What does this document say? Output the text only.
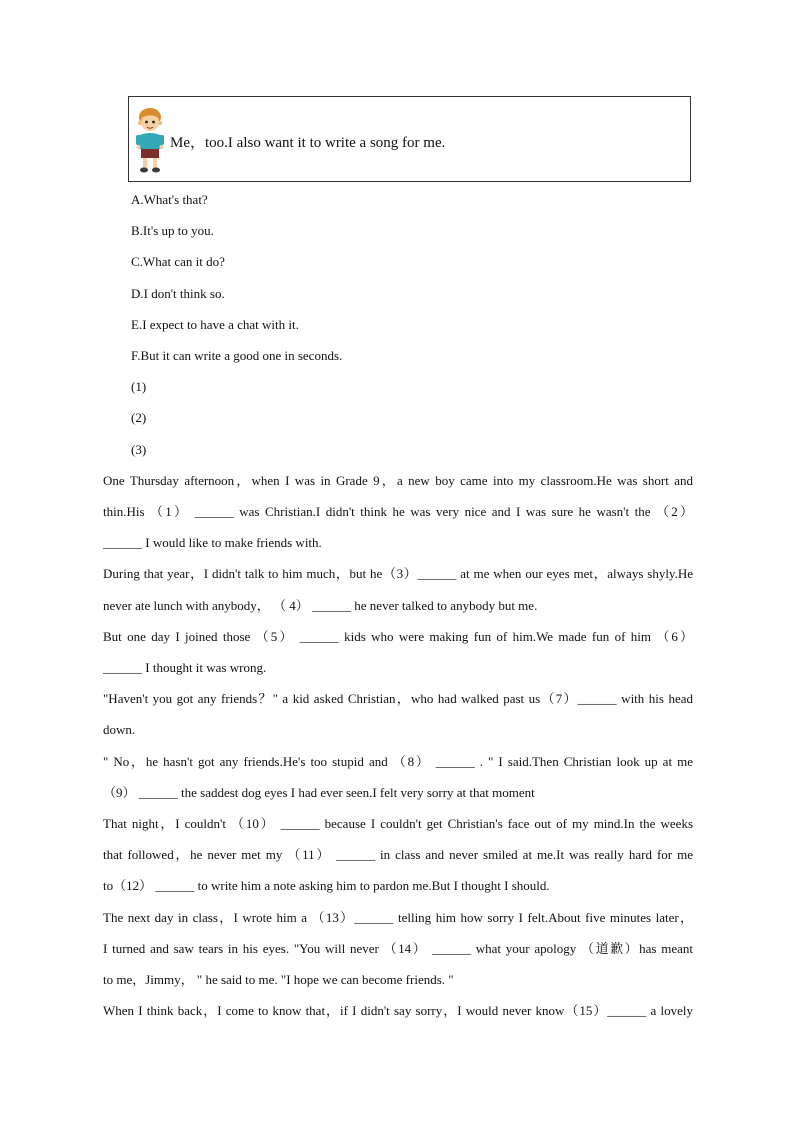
Me，too.I also want it to write a song for me.
A.What's that?
B.It's up to you.
C.What can it do?
D.I don't think so.
E.I expect to have a chat with it.
F.But it can write a good one in seconds.
(1)
(2)
(3)
One Thursday afternoon，when I was in Grade 9，a new boy came into my classroom.He was short and
thin.His （1） ______ was Christian.I didn't think he was very nice and I was sure he wasn't the （2）
______ I would like to make friends with.
During that year，I didn't talk to him much，but he（3）______ at me when our eyes met，always shyly.He
never ate lunch with anybody， （ 4） ______ he never talked to anybody but me.
But one day I joined those （5） ______ kids who were making fun of him.We made fun of him （6）
______ I thought it was wrong.
"Haven't you got any friends？" a kid asked Christian，who had walked past us（7）______ with his head
down.
" No，he hasn't got any friends.He's too stupid and （8） ______ . " I said.Then Christian look up at me
（9） ______ the saddest dog eyes I had ever seen.I felt very sorry at that moment
That night，I couldn't （10） ______ because I couldn't get Christian's face out of my mind.In the weeks
that followed，he never met my （11） ______ in class and never smiled at me.It was really hard for me
to（12） ______ to write him a note asking him to pardon me.But I thought I should.
The next day in class，I wrote him a （13）______ telling him how sorry I felt.About five minutes later，
I turned and saw tears in his eyes. "You will never （14） ______ what your apology （道歉）has meant
to me，Jimmy， " he said to me. "I hope we can become friends. "
When I think back，I come to know that，if I didn't say sorry，I would never know（15）______ a lovely
